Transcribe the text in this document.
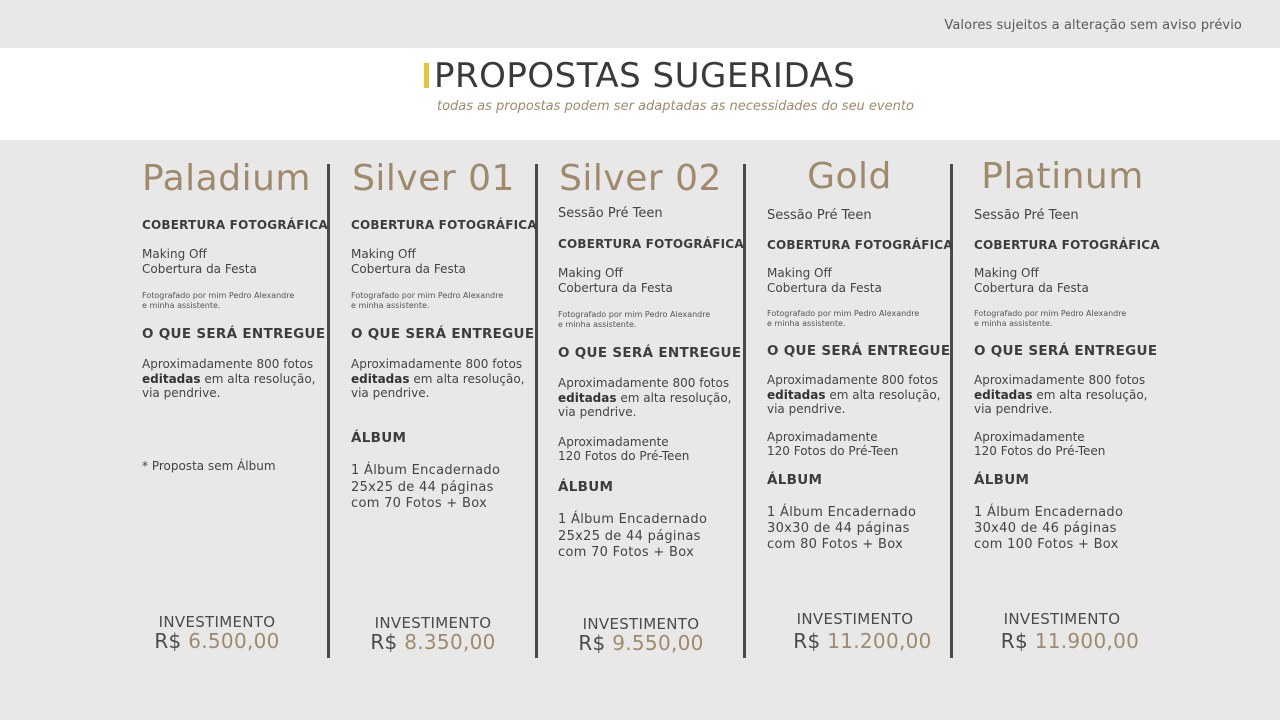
Valores sujeitos a alteração sem aviso prévio
PROPOSTAS SUGERIDAS
todas as propostas podem ser adaptadas as necessidades do seu evento
Paladium
COBERTURA FOTOGRÁFICA
Making Off
Cobertura da Festa
Fotografado por mim Pedro Alexandre
e minha assistente.
O QUE SERÁ ENTREGUE
Aproximadamente 800 fotos
editadas em alta resolução,
via pendrive.
* Proposta sem Álbum
INVESTIMENTO
R$ 6.500,00
Silver 01
COBERTURA FOTOGRÁFICA
Making Off
Cobertura da Festa
Fotografado por mim Pedro Alexandre
e minha assistente.
O QUE SERÁ ENTREGUE
Aproximadamente 800 fotos
editadas em alta resolução,
via pendrive.
ÁLBUM
1 Álbum Encadernado
25x25 de 44 páginas
com 70 Fotos + Box
INVESTIMENTO
R$ 8.350,00
Silver 02
Sessão Pré Teen
COBERTURA FOTOGRÁFICA
Making Off
Cobertura da Festa
Fotografado por mim Pedro Alexandre
e minha assistente.
O QUE SERÁ ENTREGUE
Aproximadamente 800 fotos
editadas em alta resolução,
via pendrive.
Aproximadamente
120 Fotos do Pré-Teen
ÁLBUM
1 Álbum Encadernado
25x25 de 44 páginas
com 70 Fotos + Box
INVESTIMENTO
R$ 9.550,00
Gold
Sessão Pré Teen
COBERTURA FOTOGRÁFICA
Making Off
Cobertura da Festa
Fotografado por mim Pedro Alexandre
e minha assistente.
O QUE SERÁ ENTREGUE
Aproximadamente 800 fotos
editadas em alta resolução,
via pendrive.
Aproximadamente
120 Fotos do Pré-Teen
ÁLBUM
1 Álbum Encadernado
30x30 de 44 páginas
com 80 Fotos + Box
INVESTIMENTO
R$ 11.200,00
Platinum
Sessão Pré Teen
COBERTURA FOTOGRÁFICA
Making Off
Cobertura da Festa
Fotografado por mim Pedro Alexandre
e minha assistente.
O QUE SERÁ ENTREGUE
Aproximadamente 800 fotos
editadas em alta resolução,
via pendrive.
Aproximadamente
120 Fotos do Pré-Teen
ÁLBUM
1 Álbum Encadernado
30x40 de 46 páginas
com 100 Fotos + Box
INVESTIMENTO
R$ 11.900,00
